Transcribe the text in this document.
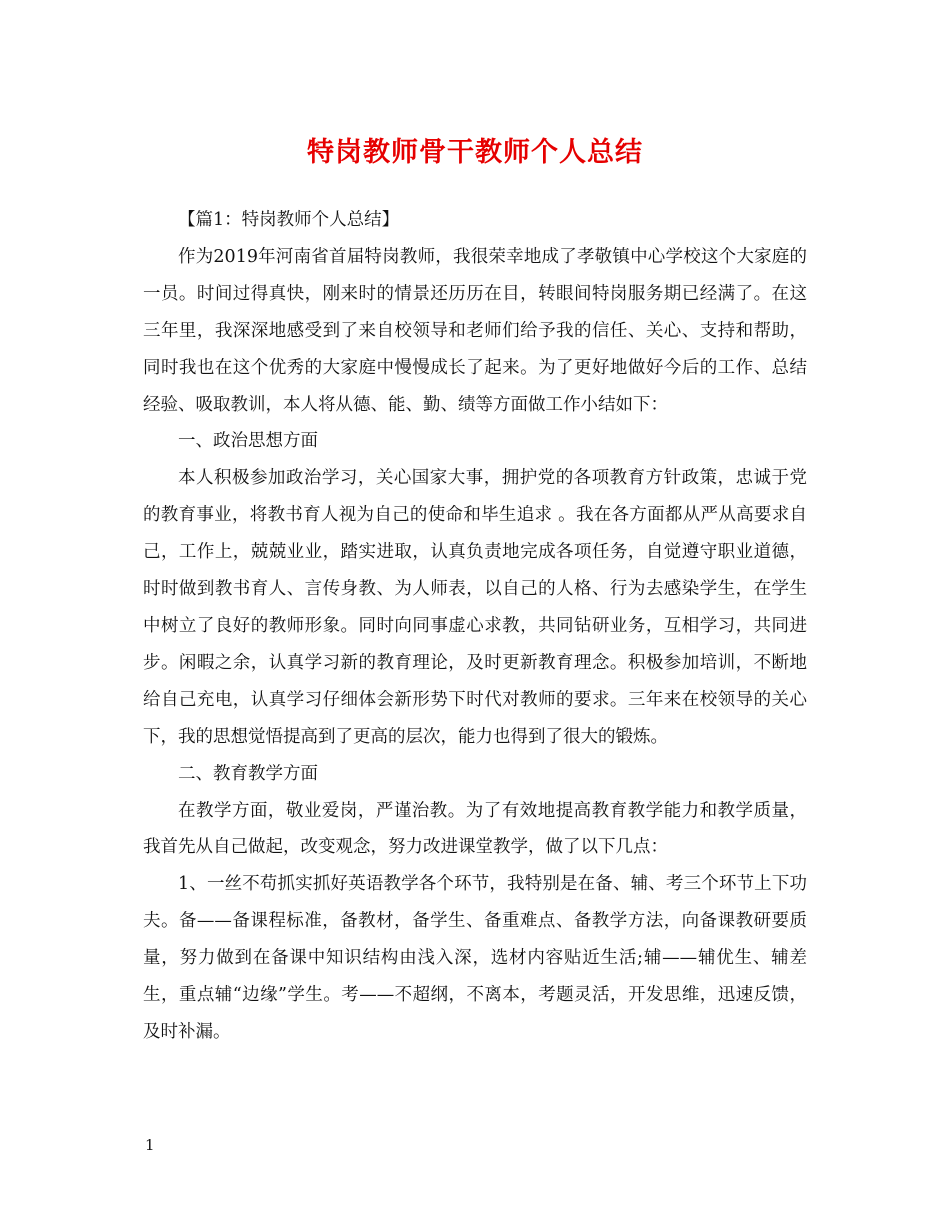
特岗教师骨干教师个人总结

【篇1：特岗教师个人总结】

作为2019年河南省首届特岗教师，我很荣幸地成了孝敬镇中心学校这个大家庭的一员。时间过得真快，刚来时的情景还历历在目，转眼间特岗服务期已经满了。在这三年里，我深深地感受到了来自校领导和老师们给予我的信任、关心、支持和帮助，同时我也在这个优秀的大家庭中慢慢成长了起来。为了更好地做好今后的工作、总结经验、吸取教训，本人将从德、能、勤、绩等方面做工作小结如下：

一、政治思想方面

本人积极参加政治学习，关心国家大事，拥护党的各项教育方针政策，忠诚于党的教育事业，将教书育人视为自己的使命和毕生追求 。我在各方面都从严从高要求自己，工作上，兢兢业业，踏实进取，认真负责地完成各项任务，自觉遵守职业道德，时时做到教书育人、言传身教、为人师表，以自己的人格、行为去感染学生，在学生中树立了良好的教师形象。同时向同事虚心求教，共同钻研业务，互相学习，共同进步。闲暇之余，认真学习新的教育理论，及时更新教育理念。积极参加培训，不断地给自己充电，认真学习仔细体会新形势下时代对教师的要求。三年来在校领导的关心下，我的思想觉悟提高到了更高的层次，能力也得到了很大的锻炼。

二、教育教学方面

在教学方面，敬业爱岗，严谨治教。为了有效地提高教育教学能力和教学质量，我首先从自己做起，改变观念，努力改进课堂教学，做了以下几点：

1、一丝不苟抓实抓好英语教学各个环节，我特别是在备、辅、考三个环节上下功夫。备——备课程标准，备教材，备学生、备重难点、备教学方法，向备课教研要质量，努力做到在备课中知识结构由浅入深，选材内容贴近生活;辅——辅优生、辅差生，重点辅“边缘”学生。考——不超纲，不离本，考题灵活，开发思维，迅速反馈，及时补漏。

1
